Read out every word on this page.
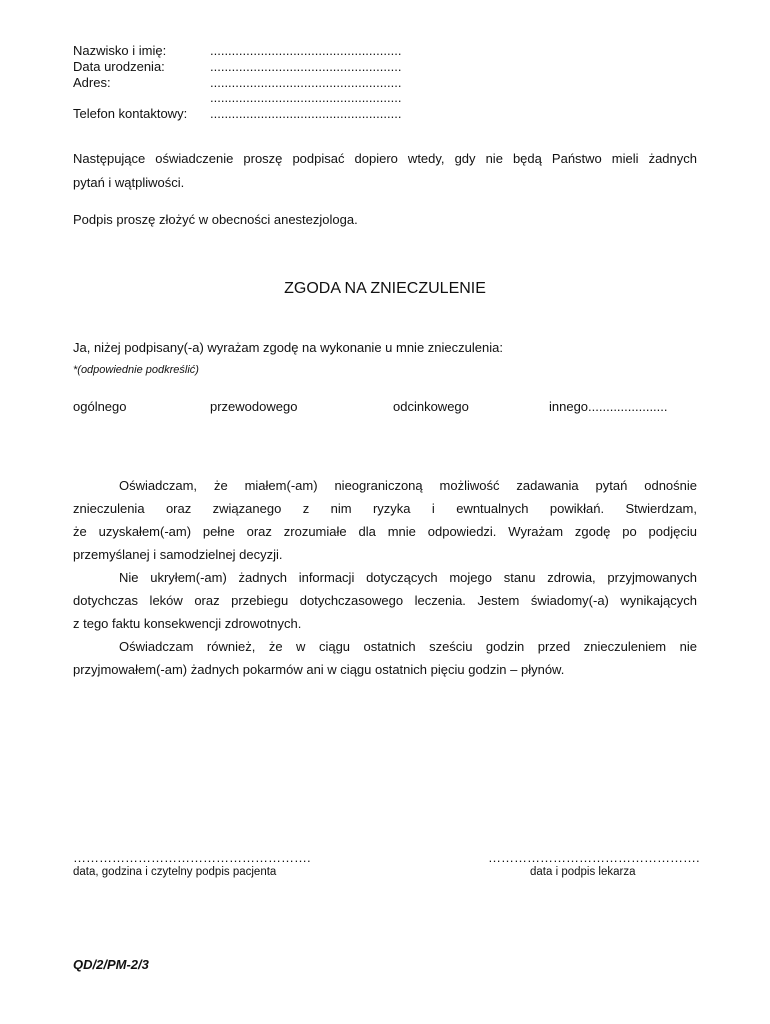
Nazwisko i imię:	.....................................................
Data urodzenia:	.....................................................
Adres:	.....................................................
.....................................................
Telefon kontaktowy: .....................................................
Następujące oświadczenie proszę podpisać dopiero wtedy, gdy nie będą Państwo mieli żadnych
pytań i wątpliwości.
Podpis proszę złożyć w obecności anestezjologa.
ZGODA NA ZNIECZULENIE
Ja, niżej podpisany(-a) wyrażam zgodę na wykonanie u mnie znieczulenia:
*(odpowiednie podkreślić)
ogólnego	przewodowego	odcinkowego	innego......................
Oświadczam, że miałem(-am) nieograniczoną możliwość zadawania pytań odnośnie
znieczulenia oraz związanego z nim ryzyka i ewntualnych powikłań. Stwierdzam,
że uzyskałem(-am) pełne oraz zrozumiałe dla mnie odpowiedzi. Wyrażam zgodę po podjęciu
przemyślanej i samodzielnej decyzji.
Nie ukryłem(-am) żadnych informacji dotyczących mojego stanu zdrowia, przyjmowanych
dotychczas leków oraz przebiegu dotychczasowego leczenia. Jestem świadomy(-a) wynikających
z tego faktu konsekwencji zdrowotnych.
Oświadczam również, że w ciągu ostatnich sześciu godzin przed znieczuleniem nie
przyjmowałem(-am) żadnych pokarmów ani w ciągu ostatnich pięciu godzin – płynów.
……………………………………………….
data, godzina i czytelny podpis pacjenta
………………………………………….
data i podpis lekarza
QD/2/PM-2/3
